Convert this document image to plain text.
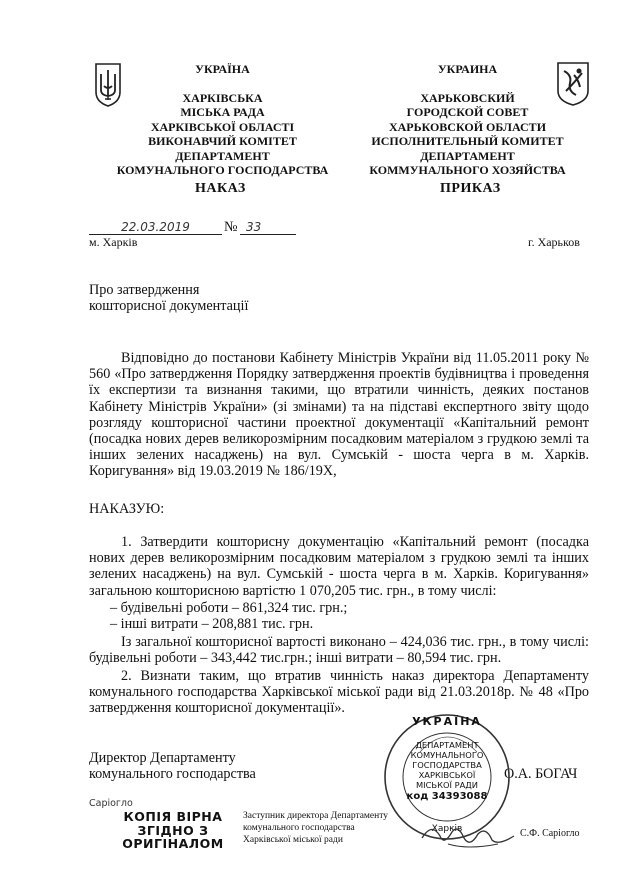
УКРАЇНА
ХАРКІВСЬКА
МІСЬКА РАДА
ХАРКІВСЬКОЇ ОБЛАСТІ
ВИКОНАВЧИЙ КОМІТЕТ
ДЕПАРТАМЕНТ
КОМУНАЛЬНОГО ГОСПОДАРСТВА
УКРАИНА
ХАРЬКОВСКИЙ
ГОРОДСКОЙ СОВЕТ
ХАРЬКОВСКОЙ ОБЛАСТИ
ИСПОЛНИТЕЛЬНЫЙ КОМИТЕТ
ДЕПАРТАМЕНТ
КОММУНАЛЬНОГО ХОЗЯЙСТВА
НАКАЗ	ПРИКАЗ
22.03.2019	№ 33
м. Харків	г. Харьков
Про затвердження
кошторисної документації
Відповідно до постанови Кабінету Міністрів України від 11.05.2011 року № 560 «Про затвердження Порядку затвердження проектів будівництва і проведення їх експертизи та визнання такими, що втратили чинність, деяких постанов Кабінету Міністрів України» (зі змінами) та на підставі експертного звіту щодо розгляду кошторисної частини проектної документації «Капітальний ремонт (посадка нових дерев великорозмірним посадковим матеріалом з грудкою землі та інших зелених насаджень) на вул. Сумській - шоста черга в м. Харків. Коригування» від 19.03.2019 № 186/19Х,
НАКАЗУЮ:
1. Затвердити кошторисну документацію «Капітальний ремонт (посадка нових дерев великорозмірним посадковим матеріалом з грудкою землі та інших зелених насаджень) на вул. Сумській - шоста черга в м. Харків. Коригування» загальною кошторисною вартістю 1 070,205 тис. грн., в тому числі:
– будівельні роботи – 861,324 тис. грн.;
– інші витрати – 208,881 тис. грн.
Із загальної кошторисної вартості виконано – 424,036 тис. грн., в тому числі: будівельні роботи – 343,442 тис.грн.; інші витрати – 80,594 тис. грн.
2. Визнати таким, що втратив чинність наказ директора Департаменту комунального господарства Харківської міської ради від 21.03.2018р. № 48 «Про затвердження кошторисної документації».
Директор Департаменту
комунального господарства	О.А. БОГАЧ
УКРАЇНА
ДЕПАРТАМЕНТ
КОМУНАЛЬНОГО
ГОСПОДАРСТВА
ХАРКІВСЬКОЇ
МІСЬКОЇ РАДИ
код 34393088
Харків
Саріогло
КОПІЯ ВІРНА
ЗГІДНО З
ОРИГІНАЛОМ
Заступник директора Департаменту
комунального господарства
Харківської міської ради
С.Ф. Саріогло
